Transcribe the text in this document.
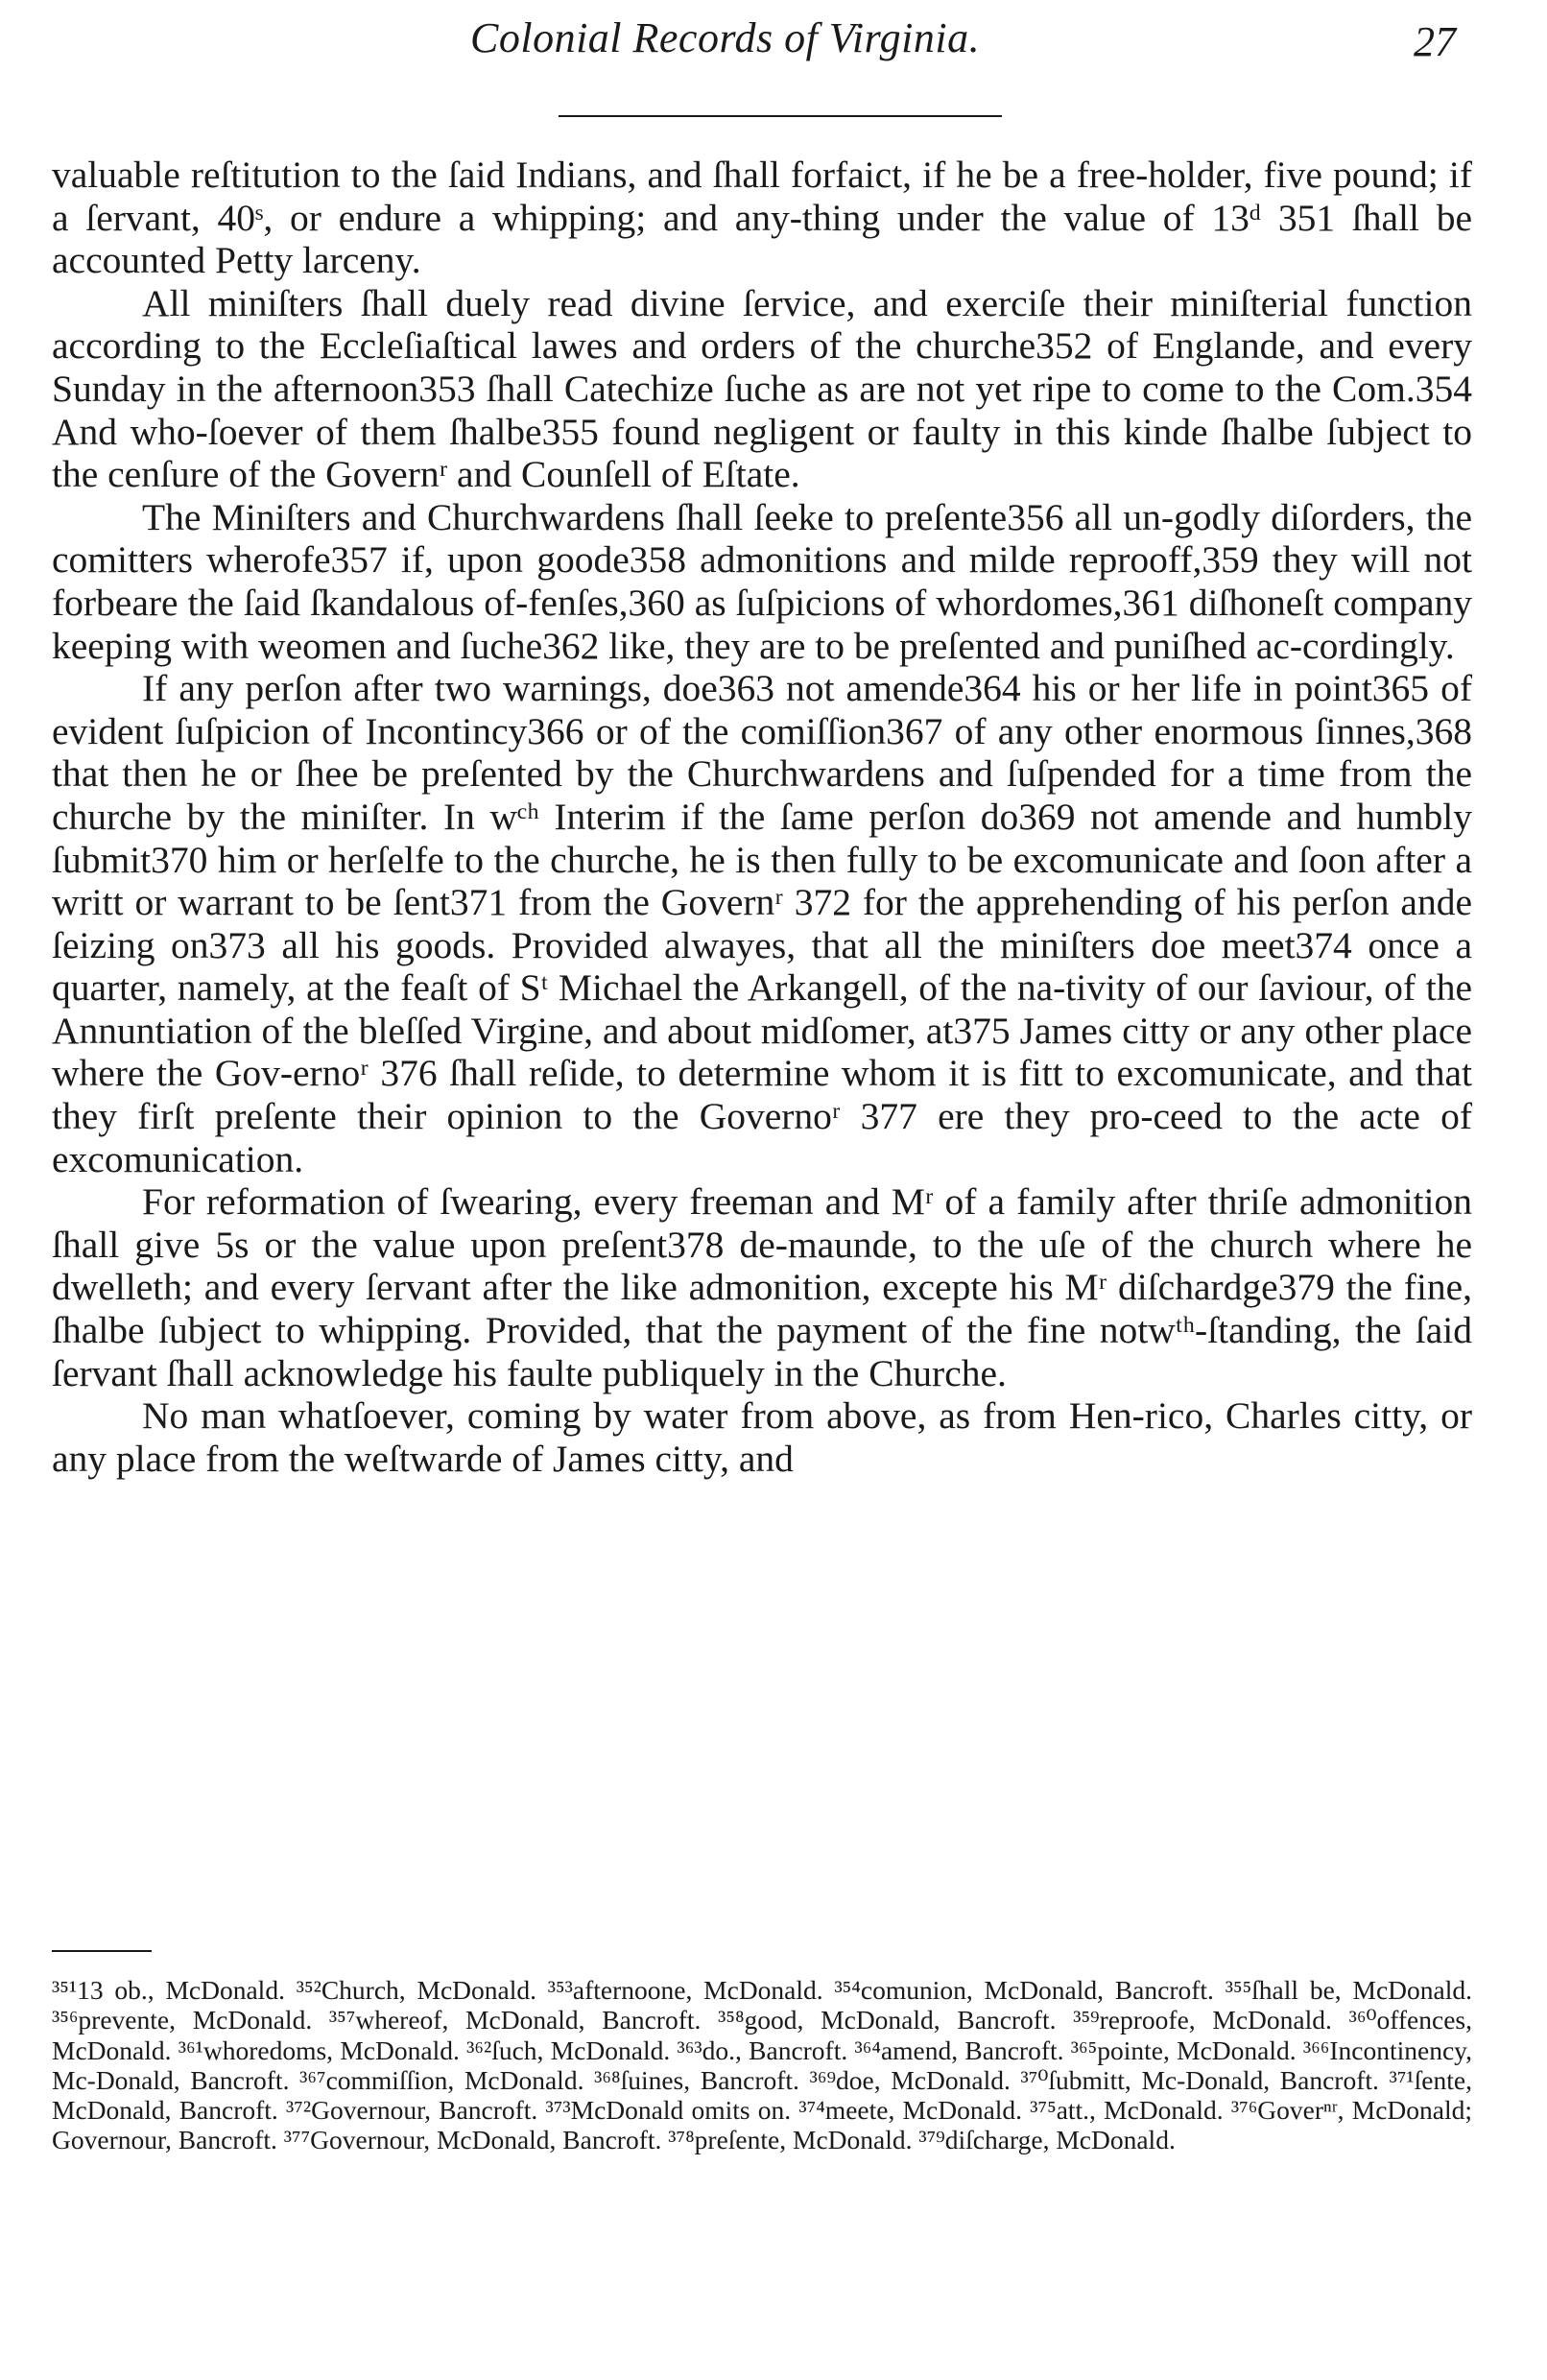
Colonial Records of Virginia.	27

valuable reſtitution to the ſaid Indians, and ſhall forfaict, if he be a free-holder, five pound; if a ſervant, 40ˢ, or endure a whipping; and any-thing under the value of 13ᵈ 351 ſhall be accounted Petty larceny.

All miniſters ſhall duely read divine ſervice, and exerciſe their miniſterial function according to the Eccleſiaſtical lawes and orders of the churche352 of Englande, and every Sunday in the afternoon353 ſhall Catechize ſuche as are not yet ripe to come to the Com.354 And who-ſoever of them ſhalbe355 found negligent or faulty in this kinde ſhalbe ſubject to the cenſure of the Governʳ and Counſell of Eſtate.

The Miniſters and Churchwardens ſhall ſeeke to preſente356 all un-godly diſorders, the comitters wherofe357 if, upon goode358 admonitions and milde reprooff,359 they will not forbeare the ſaid ſkandalous of-fenſes,360 as ſuſpicions of whordomes,361 diſhoneſt company keeping with weomen and ſuche362 like, they are to be preſented and puniſhed ac-cordingly.

If any perſon after two warnings, doe363 not amende364 his or her life in point365 of evident ſuſpicion of Incontincy366 or of the comiſſion367 of any other enormous ſinnes,368 that then he or ſhee be preſented by the Churchwardens and ſuſpended for a time from the churche by the miniſter. In wᶜʰ Interim if the ſame perſon do369 not amende and humbly ſubmit370 him or herſelfe to the churche, he is then fully to be excomunicate and ſoon after a writt or warrant to be ſent371 from the Governʳ 372 for the apprehending of his perſon ande ſeizing on373 all his goods. Provided alwayes, that all the miniſters doe meet374 once a quarter, namely, at the feaſt of Sᵗ Michael the Arkangell, of the na-tivity of our ſaviour, of the Annuntiation of the bleſſed Virgine, and about midſomer, at375 James citty or any other place where the Gov-ernoʳ 376 ſhall reſide, to determine whom it is fitt to excomunicate, and that they firſt preſente their opinion to the Governoʳ 377 ere they pro-ceed to the acte of excomunication.

For reformation of ſwearing, every freeman and Mʳ of a family after thriſe admonition ſhall give 5s or the value upon preſent378 de-maunde, to the uſe of the church where he dwelleth; and every ſervant after the like admonition, excepte his Mʳ diſchardge379 the fine, ſhalbe ſubject to whipping. Provided, that the payment of the fine notwᵗʰ-ſtanding, the ſaid ſervant ſhall acknowledge his faulte publiquely in the Churche.

No man whatſoever, coming by water from above, as from Hen-rico, Charles citty, or any place from the weſtwarde of James citty, and

³⁵¹13 ob., McDonald. ³⁵²Church, McDonald. ³⁵³afternoone, McDonald. ³⁵⁴comunion, McDonald, Bancroft. ³⁵⁵ſhall be, McDonald. ³⁵⁶prevente, McDonald. ³⁵⁷whereof, McDonald, Bancroft. ³⁵⁸good, McDonald, Bancroft. ³⁵⁹reproofe, McDonald. ³⁶⁰offences, McDonald. ³⁶¹whoredoms, McDonald. ³⁶²ſuch, McDonald. ³⁶³do., Bancroft. ³⁶⁴amend, Bancroft. ³⁶⁵pointe, McDonald. ³⁶⁶Incontinency, Mc-Donald, Bancroft. ³⁶⁷commiſſion, McDonald. ³⁶⁸ſuines, Bancroft. ³⁶⁹doe, McDonald. ³⁷⁰ſubmitt, Mc-Donald, Bancroft. ³⁷¹ſente, McDonald, Bancroft. ³⁷²Governour, Bancroft. ³⁷³McDonald omits on. ³⁷⁴meete, McDonald. ³⁷⁵att., McDonald. ³⁷⁶Goverⁿʳ, McDonald; Governour, Bancroft. ³⁷⁷Governour, McDonald, Bancroft. ³⁷⁸preſente, McDonald. ³⁷⁹diſcharge, McDonald.
